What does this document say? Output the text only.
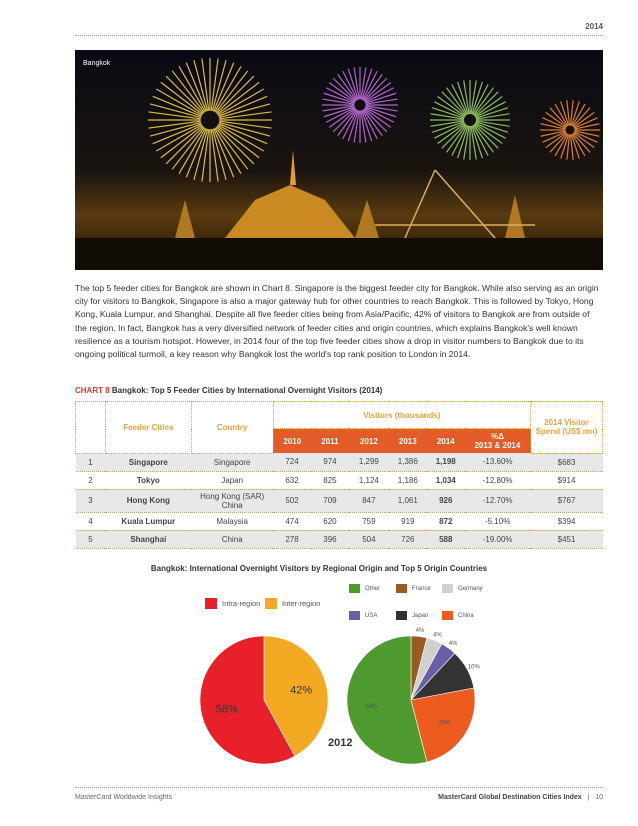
2014
Bangkok

The top 5 feeder cities for Bangkok are shown in Chart 8. Singapore is the biggest feeder city for Bangkok. While also serving as an origin city for visitors to Bangkok, Singapore is also a major gateway hub for other countries to reach Bangkok. This is followed by Tokyo, Hong Kong, Kuala Lumpur, and Shanghai. Despite all five feeder cities being from Asia/Pacific, 42% of visitors to Bangkok are from outside of the region. In fact, Bangkok has a very diversified network of feeder cities and origin countries, which explains Bangkok's well known resilience as a tourism hotspot. However, in 2014 four of the top five feeder cities show a drop in visitor numbers to Bangkok due to its ongoing political turmoil, a key reason why Bangkok lost the world's top rank position to London in 2014.

CHART 8 Bangkok: Top 5 Feeder Cities by International Overnight Visitors (2014)
	Feeder Cities	Country	Visitors (thousands)						2014 Visitor Spend (US$ mn)
			2010	2011	2012	2013	2014	%Δ
2013 & 2014	

1	Singapore	Singapore	724	974	1,299	1,386	1,198	-13.60%	$683
2	Tokyo	Japan	632	825	1,124	1,186	1,034	-12.80%	$914
3	Hong Kong	Hong Kong (SAR)
China	502	709	847	1,061	926	-12.70%	$767
4	Kuala Lumpur	Malaysia	474	620	759	919	872	-5.10%	$394
5	Shanghai	China	278	396	504	726	588	-19.00%	$451
Bangkok: International Overnight Visitors by Regional Origin and Top 5 Origin Countries
Intra-region	Inter-region
Other	France	Germany
USA	Japan	China
42%
58%
4%
4%
4%
10%
24%
54%
2012
MasterCard Worldwide Insights	MasterCard Global Destination Cities Index | 10
